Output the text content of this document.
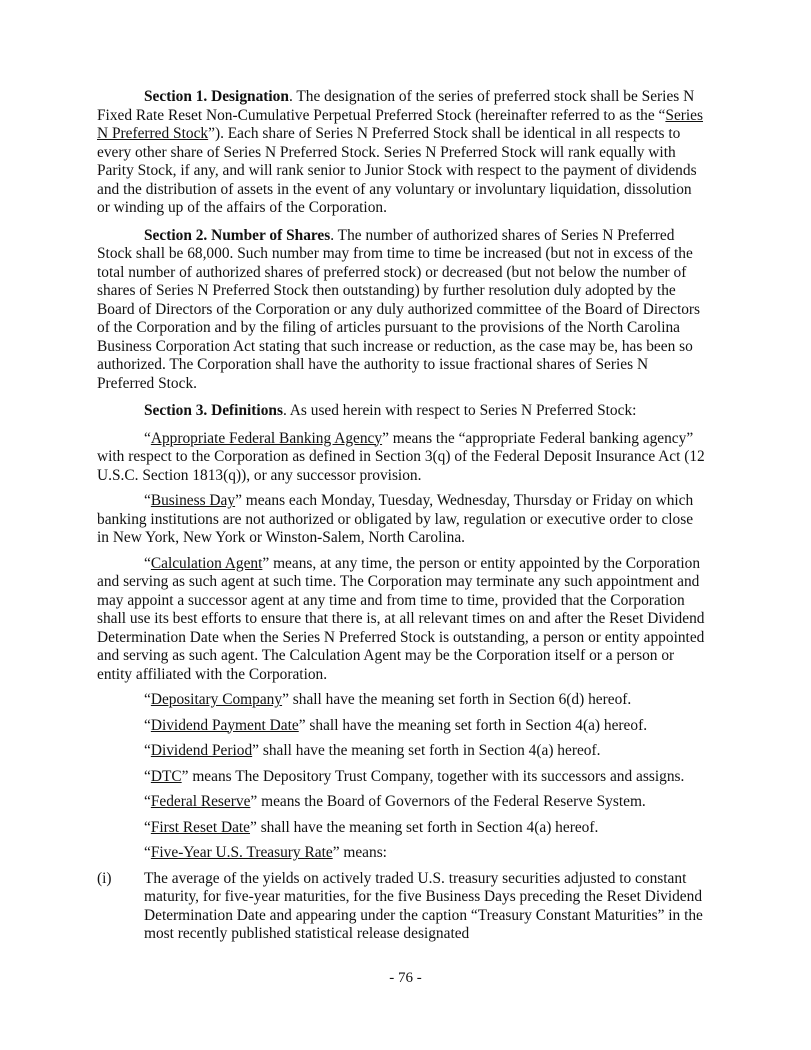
Section 1. Designation. The designation of the series of preferred stock shall be Series N Fixed Rate Reset Non-Cumulative Perpetual Preferred Stock (hereinafter referred to as the “Series N Preferred Stock”). Each share of Series N Preferred Stock shall be identical in all respects to every other share of Series N Preferred Stock. Series N Preferred Stock will rank equally with Parity Stock, if any, and will rank senior to Junior Stock with respect to the payment of dividends and the distribution of assets in the event of any voluntary or involuntary liquidation, dissolution or winding up of the affairs of the Corporation.

Section 2. Number of Shares. The number of authorized shares of Series N Preferred Stock shall be 68,000. Such number may from time to time be increased (but not in excess of the total number of authorized shares of preferred stock) or decreased (but not below the number of shares of Series N Preferred Stock then outstanding) by further resolution duly adopted by the Board of Directors of the Corporation or any duly authorized committee of the Board of Directors of the Corporation and by the filing of articles pursuant to the provisions of the North Carolina Business Corporation Act stating that such increase or reduction, as the case may be, has been so authorized. The Corporation shall have the authority to issue fractional shares of Series N Preferred Stock.

Section 3. Definitions. As used herein with respect to Series N Preferred Stock:

“Appropriate Federal Banking Agency” means the “appropriate Federal banking agency” with respect to the Corporation as defined in Section 3(q) of the Federal Deposit Insurance Act (12 U.S.C. Section 1813(q)), or any successor provision.

“Business Day” means each Monday, Tuesday, Wednesday, Thursday or Friday on which banking institutions are not authorized or obligated by law, regulation or executive order to close in New York, New York or Winston-Salem, North Carolina.

“Calculation Agent” means, at any time, the person or entity appointed by the Corporation and serving as such agent at such time. The Corporation may terminate any such appointment and may appoint a successor agent at any time and from time to time, provided that the Corporation shall use its best efforts to ensure that there is, at all relevant times on and after the Reset Dividend Determination Date when the Series N Preferred Stock is outstanding, a person or entity appointed and serving as such agent. The Calculation Agent may be the Corporation itself or a person or entity affiliated with the Corporation.

“Depositary Company” shall have the meaning set forth in Section 6(d) hereof.

“Dividend Payment Date” shall have the meaning set forth in Section 4(a) hereof.

“Dividend Period” shall have the meaning set forth in Section 4(a) hereof.

“DTC” means The Depository Trust Company, together with its successors and assigns.

“Federal Reserve” means the Board of Governors of the Federal Reserve System.

“First Reset Date” shall have the meaning set forth in Section 4(a) hereof.

“Five-Year U.S. Treasury Rate” means:

(i)	The average of the yields on actively traded U.S. treasury securities adjusted to constant maturity, for five-year maturities, for the five Business Days preceding the Reset Dividend Determination Date and appearing under the caption “Treasury Constant Maturities” in the most recently published statistical release designated
- 76 -
